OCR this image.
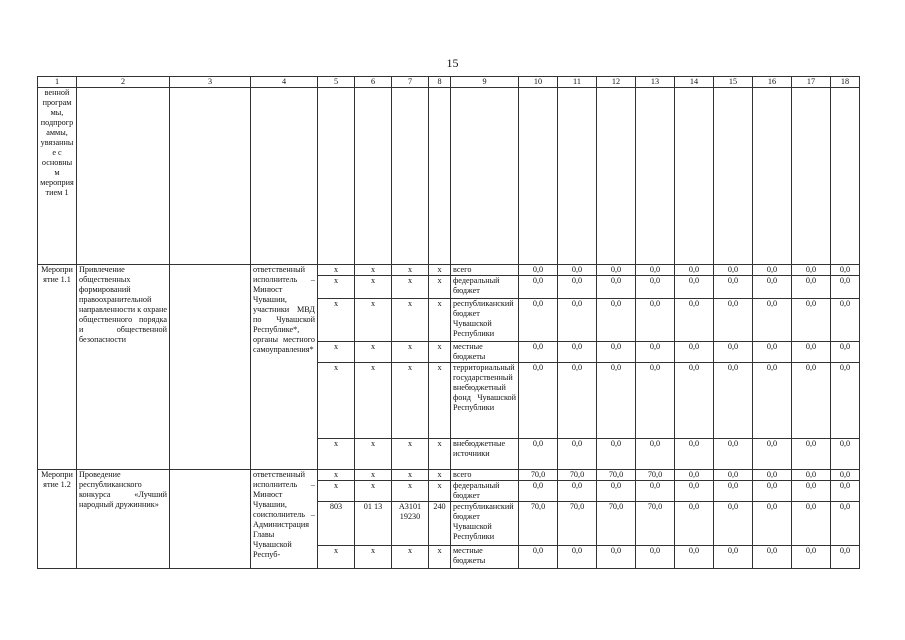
15
1	2	3	4	5	6	7	8	9	10	11	12	13	14	15	16	17	18
венной программы, подпрограммы, увязанные с основным мероприятием 1																	
Мероприятие 1.1	Привлечение общественных формирований правоохранительной направленности к охране общественного порядка и общественной безопасности		ответственный исполнитель – Минюст Чувашии, участники МВД по Чувашской Республике*, органы местного самоуправления*	x	x	x	x	всего	0,0	0,0	0,0	0,0	0,0	0,0	0,0	0,0	0,0
				x	x	x	x	федеральный бюджет	0,0	0,0	0,0	0,0	0,0	0,0	0,0	0,0	0,0
				x	x	x	x	республиканский бюджет Чувашской Республики	0,0	0,0	0,0	0,0	0,0	0,0	0,0	0,0	0,0
				x	x	x	x	местные бюджеты	0,0	0,0	0,0	0,0	0,0	0,0	0,0	0,0	0,0
				x	x	x	x	территориальный государственный внебюджетный фонд Чувашской Республики	0,0	0,0	0,0	0,0	0,0	0,0	0,0	0,0	0,0
				x	x	x	x	внебюджетные источники	0,0	0,0	0,0	0,0	0,0	0,0	0,0	0,0	0,0
Мероприятие 1.2	Проведение республиканского конкурса «Лучший народный дружинник»		ответственный исполнитель – Минюст Чувашии, соисполнитель – Администрация Главы Чувашской Респуб-	x	x	x	x	всего	70,0	70,0	70,0	70,0	0,0	0,0	0,0	0,0	0,0
				x	x	x	x	федеральный бюджет	0,0	0,0	0,0	0,0	0,0	0,0	0,0	0,0	0,0
				803	01 13	А3101 19230	240	республиканский бюджет Чувашской Республики	70,0	70,0	70,0	70,0	0,0	0,0	0,0	0,0	0,0
				x	x	x	x	местные бюджеты	0,0	0,0	0,0	0,0	0,0	0,0	0,0	0,0	0,0
